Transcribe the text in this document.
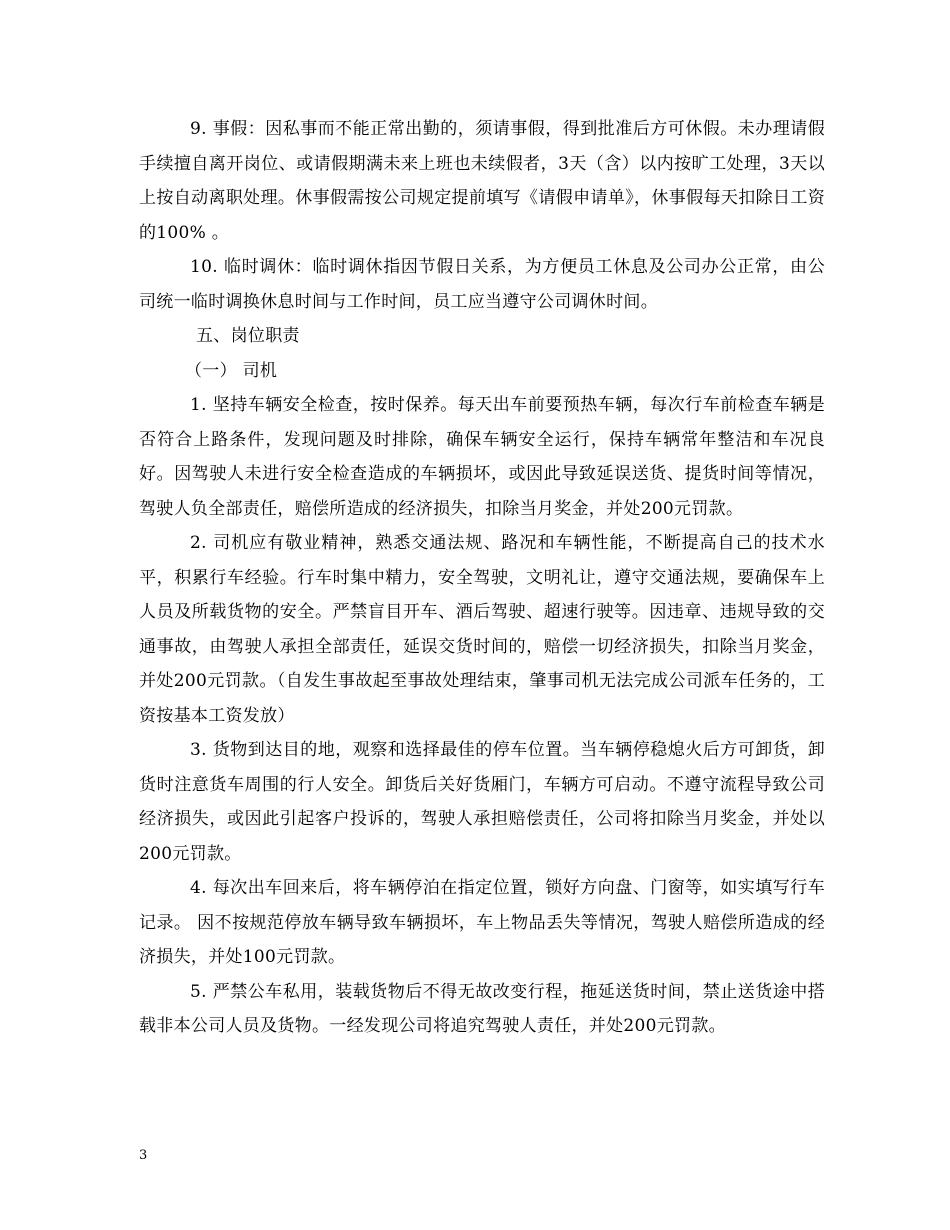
9. 事假：因私事而不能正常出勤的，须请事假，得到批准后方可休假。未办理请假手续擅自离开岗位、或请假期满未来上班也未续假者，3天（含）以内按旷工处理，3天以上按自动离职处理。休事假需按公司规定提前填写《请假申请单》，休事假每天扣除日工资的100% 。

10. 临时调休：临时调休指因节假日关系，为方便员工休息及公司办公正常，由公司统一临时调换休息时间与工作时间，员工应当遵守公司调休时间。

五、岗位职责

（一） 司机

1. 坚持车辆安全检查，按时保养。每天出车前要预热车辆，每次行车前检查车辆是否符合上路条件，发现问题及时排除，确保车辆安全运行，保持车辆常年整洁和车况良好。因驾驶人未进行安全检查造成的车辆损坏，或因此导致延误送货、提货时间等情况，驾驶人负全部责任，赔偿所造成的经济损失，扣除当月奖金，并处200元罚款。

2. 司机应有敬业精神，熟悉交通法规、路况和车辆性能，不断提高自己的技术水平，积累行车经验。行车时集中精力，安全驾驶，文明礼让，遵守交通法规，要确保车上人员及所载货物的安全。严禁盲目开车、酒后驾驶、超速行驶等。因违章、违规导致的交通事故，由驾驶人承担全部责任，延误交货时间的，赔偿一切经济损失，扣除当月奖金，并处200元罚款。（自发生事故起至事故处理结束，肇事司机无法完成公司派车任务的，工资按基本工资发放）

3. 货物到达目的地，观察和选择最佳的停车位置。当车辆停稳熄火后方可卸货，卸货时注意货车周围的行人安全。卸货后关好货厢门，车辆方可启动。不遵守流程导致公司经济损失，或因此引起客户投诉的，驾驶人承担赔偿责任，公司将扣除当月奖金，并处以200元罚款。

4. 每次出车回来后，将车辆停泊在指定位置，锁好方向盘、门窗等，如实填写行车记录。 因不按规范停放车辆导致车辆损坏，车上物品丢失等情况，驾驶人赔偿所造成的经济损失，并处100元罚款。

5. 严禁公车私用，装载货物后不得无故改变行程，拖延送货时间，禁止送货途中搭载非本公司人员及货物。一经发现公司将追究驾驶人责任，并处200元罚款。

3
